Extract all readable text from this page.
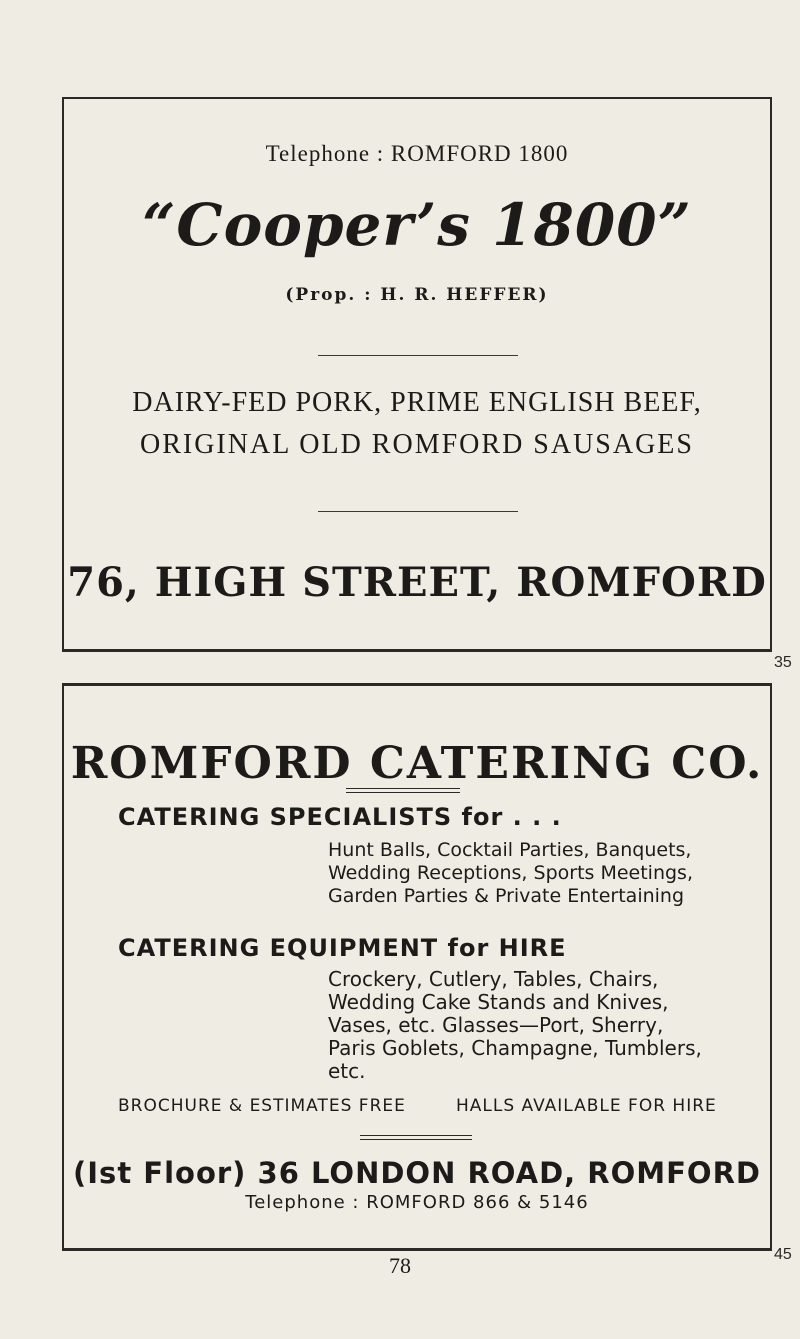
Telephone : ROMFORD 1800
“Cooper’s 1800”
(Prop. : H. R. HEFFER)
DAIRY-FED PORK, PRIME ENGLISH BEEF,
ORIGINAL OLD ROMFORD SAUSAGES
76, HIGH STREET, ROMFORD
35
ROMFORD CATERING CO.
CATERING SPECIALISTS for . . .
Hunt Balls, Cocktail Parties, Banquets,
Wedding Receptions, Sports Meetings,
Garden Parties & Private Entertaining
CATERING EQUIPMENT for HIRE
Crockery, Cutlery, Tables, Chairs,
Wedding Cake Stands and Knives,
Vases, etc. Glasses—Port, Sherry,
Paris Goblets, Champagne, Tumblers,
etc.
BROCHURE & ESTIMATES FREE	HALLS AVAILABLE FOR HIRE
(Ist Floor) 36 LONDON ROAD, ROMFORD
Telephone : ROMFORD 866 & 5146
45
78
